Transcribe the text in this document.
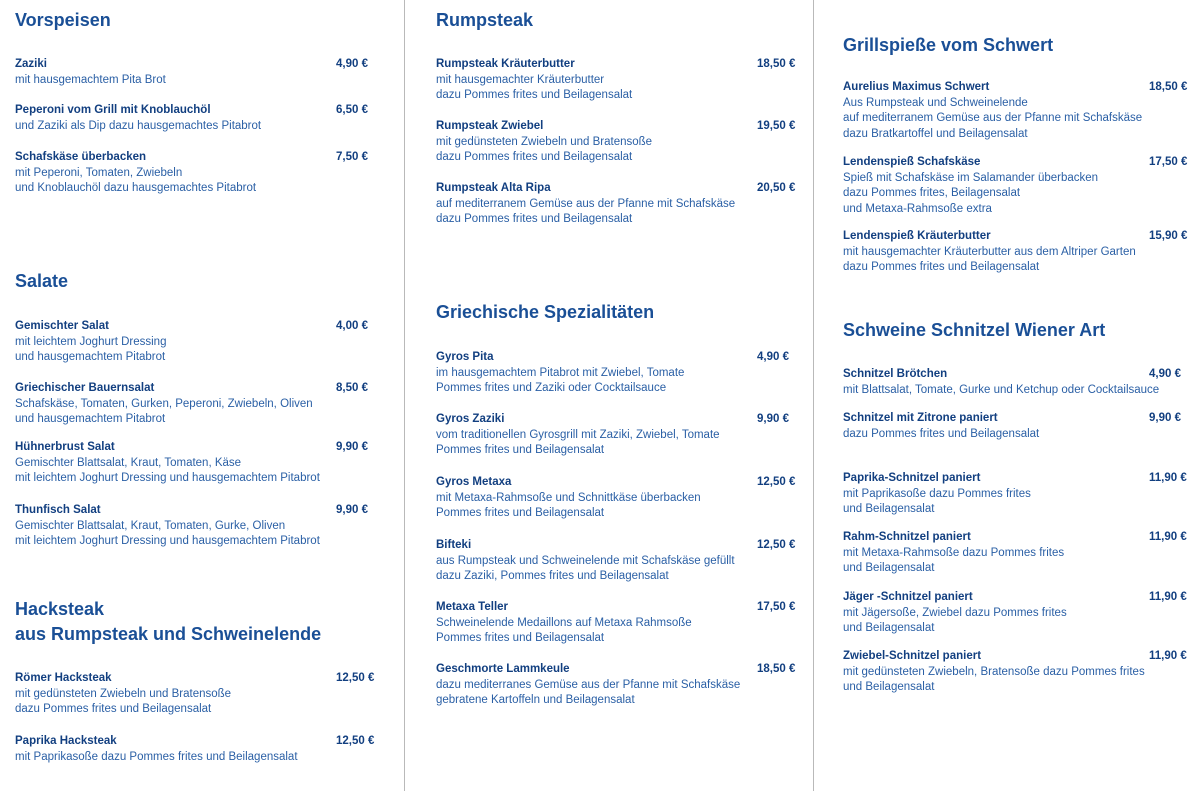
Vorspeisen
Zaziki
mit hausgemachtem Pita Brot
4,90 €
Peperoni vom Grill mit Knoblauchöl
und Zaziki als Dip dazu hausgemachtes Pitabrot
6,50 €
Schafskäse überbacken
mit Peperoni, Tomaten, Zwiebeln
und Knoblauchöl dazu hausgemachtes Pitabrot
7,50 €
Salate
Gemischter Salat
mit leichtem Joghurt Dressing
und hausgemachtem Pitabrot
4,00 €
Griechischer Bauernsalat
Schafskäse, Tomaten, Gurken, Peperoni, Zwiebeln, Oliven
und hausgemachtem Pitabrot
8,50 €
Hühnerbrust Salat
Gemischter Blattsalat, Kraut, Tomaten, Käse
mit leichtem Joghurt Dressing und hausgemachtem Pitabrot
9,90 €
Thunfisch Salat
Gemischter Blattsalat, Kraut, Tomaten, Gurke, Oliven
mit leichtem Joghurt Dressing und hausgemachtem Pitabrot
9,90 €
Hacksteak
aus Rumpsteak und Schweinelende
Römer Hacksteak
mit gedünsteten Zwiebeln und Bratensoße
dazu Pommes frites und Beilagensalat
12,50 €
Paprika Hacksteak
mit Paprikasoße dazu Pommes frites und Beilagensalat
12,50 €
Rumpsteak
Rumpsteak Kräuterbutter
mit hausgemachter Kräuterbutter
dazu Pommes frites und Beilagensalat
18,50 €
Rumpsteak Zwiebel
mit gedünsteten Zwiebeln und Bratensoße
dazu Pommes frites und Beilagensalat
19,50 €
Rumpsteak Alta Ripa
auf mediterranem Gemüse aus der Pfanne mit Schafskäse
dazu Pommes frites und Beilagensalat
20,50 €
Griechische Spezialitäten
Gyros Pita
im hausgemachtem Pitabrot mit Zwiebel, Tomate
Pommes frites und Zaziki oder Cocktailsauce
4,90 €
Gyros Zaziki
vom traditionellen Gyrosgrill mit Zaziki, Zwiebel, Tomate
Pommes frites und Beilagensalat
9,90 €
Gyros Metaxa
mit Metaxa-Rahmsoße und Schnittkäse überbacken
Pommes frites und Beilagensalat
12,50 €
Bifteki
aus Rumpsteak und Schweinelende mit Schafskäse gefüllt
dazu Zaziki, Pommes frites und Beilagensalat
12,50 €
Metaxa Teller
Schweinelende Medaillons auf Metaxa Rahmsoße
Pommes frites und Beilagensalat
17,50 €
Geschmorte Lammkeule
dazu mediterranes Gemüse aus der Pfanne mit Schafskäse
gebratene Kartoffeln und Beilagensalat
18,50 €
Grillspieße vom Schwert
Aurelius Maximus Schwert
Aus Rumpsteak und Schweinelende
auf mediterranem Gemüse aus der Pfanne mit Schafskäse
dazu Bratkartoffel und Beilagensalat
18,50 €
Lendenspieß Schafskäse
Spieß mit Schafskäse im Salamander überbacken
dazu Pommes frites, Beilagensalat
und Metaxa-Rahmsoße extra
17,50 €
Lendenspieß Kräuterbutter
mit hausgemachter Kräuterbutter aus dem Altriper Garten
dazu Pommes frites und Beilagensalat
15,90 €
Schweine Schnitzel Wiener Art
Schnitzel Brötchen
mit Blattsalat, Tomate, Gurke und Ketchup oder Cocktailsauce
4,90 €
Schnitzel mit Zitrone paniert
dazu Pommes frites und Beilagensalat
9,90 €
Paprika-Schnitzel paniert
mit Paprikasoße dazu Pommes frites
und Beilagensalat
11,90 €
Rahm-Schnitzel paniert
mit Metaxa-Rahmsoße dazu Pommes frites
und Beilagensalat
11,90 €
Jäger -Schnitzel paniert
mit Jägersoße, Zwiebel dazu Pommes frites
und Beilagensalat
11,90 €
Zwiebel-Schnitzel paniert
mit gedünsteten Zwiebeln, Bratensoße dazu Pommes frites
und Beilagensalat
11,90 €
